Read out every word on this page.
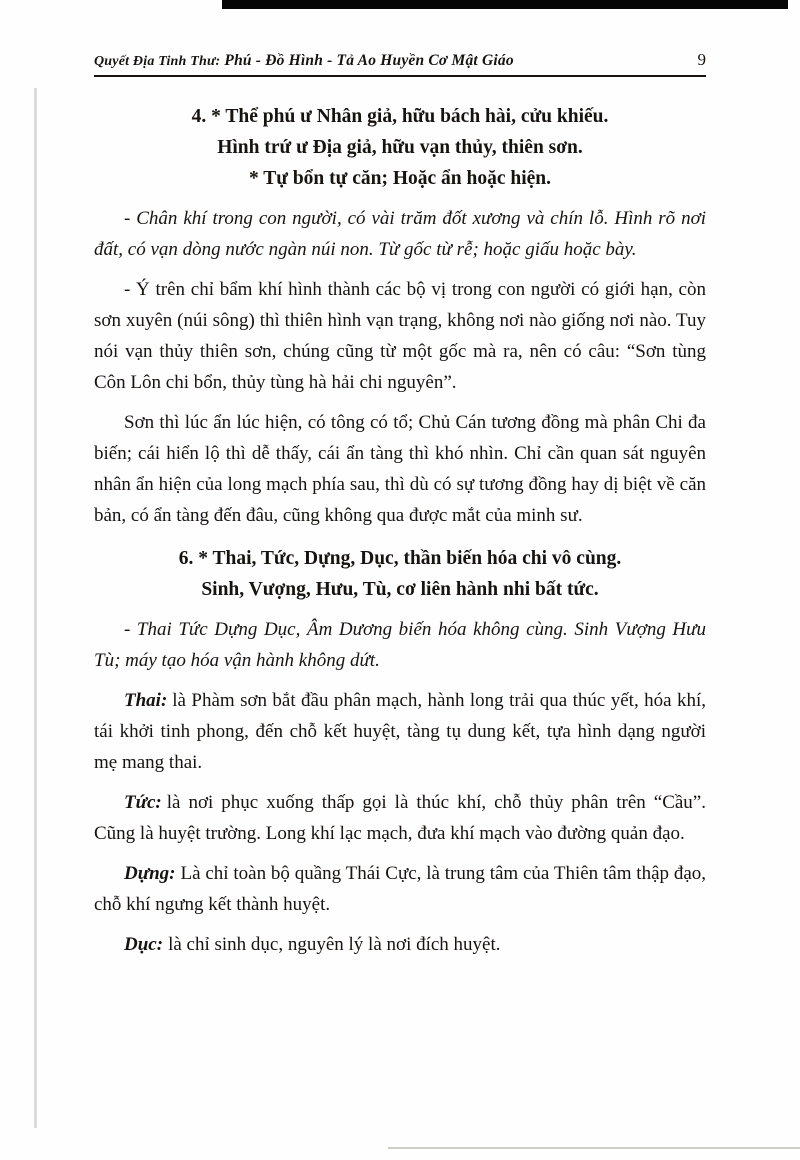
Quyết Địa Tinh Thư: Phú - Đồ Hình - Tả Ao Huyền Cơ Mật Giáo	9
4. * Thể phú ư Nhân giả, hữu bách hài, cửu khiếu.
Hình trứ ư Địa giả, hữu vạn thủy, thiên sơn.
* Tự bổn tự căn; Hoặc ẩn hoặc hiện.

- Chân khí trong con người, có vài trăm đốt xương và chín lỗ. Hình rõ nơi đất, có vạn dòng nước ngàn núi non. Từ gốc từ rễ; hoặc giấu hoặc bày.

- Ý trên chỉ bẩm khí hình thành các bộ vị trong con người có giới hạn, còn sơn xuyên (núi sông) thì thiên hình vạn trạng, không nơi nào giống nơi nào. Tuy nói vạn thủy thiên sơn, chúng cũng từ một gốc mà ra, nên có câu: “Sơn tùng Côn Lôn chi bổn, thủy tùng hà hải chi nguyên”.

Sơn thì lúc ẩn lúc hiện, có tông có tổ; Chủ Cán tương đồng mà phân Chi đa biến; cái hiển lộ thì dễ thấy, cái ẩn tàng thì khó nhìn. Chỉ cần quan sát nguyên nhân ẩn hiện của long mạch phía sau, thì dù có sự tương đồng hay dị biệt về căn bản, có ẩn tàng đến đâu, cũng không qua được mắt của minh sư.

6. * Thai, Tức, Dựng, Dục, thần biến hóa chi vô cùng.
Sinh, Vượng, Hưu, Tù, cơ liên hành nhi bất tức.

- Thai Tức Dựng Dục, Âm Dương biến hóa không cùng. Sinh Vượng Hưu Tù; máy tạo hóa vận hành không dứt.

Thai: là Phàm sơn bắt đầu phân mạch, hành long trải qua thúc yết, hóa khí, tái khởi tinh phong, đến chỗ kết huyệt, tàng tụ dung kết, tựa hình dạng người mẹ mang thai.

Tức: là nơi phục xuống thấp gọi là thúc khí, chỗ thủy phân trên “Cầu”. Cũng là huyệt trường. Long khí lạc mạch, đưa khí mạch vào đường quản đạo.

Dựng: Là chỉ toàn bộ quầng Thái Cực, là trung tâm của Thiên tâm thập đạo, chỗ khí ngưng kết thành huyệt.

Dục: là chỉ sinh dục, nguyên lý là nơi đích huyệt.
